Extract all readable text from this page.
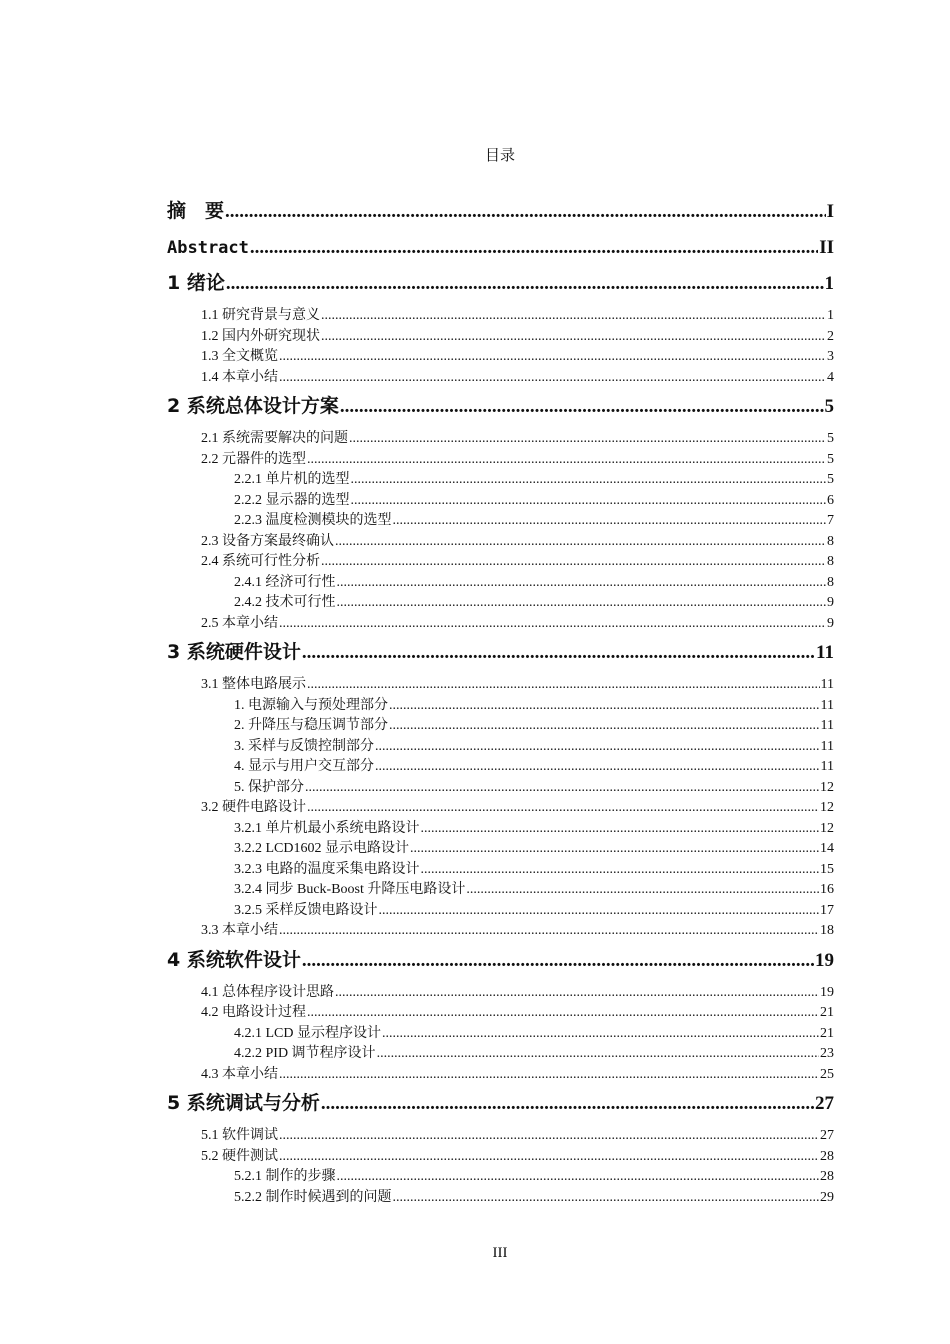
目录
摘　要 .....	I
Abstract .....	II
1 绪论 .....	1
1.1 研究背景与意义 .....	1
1.2 国内外研究现状 .....	2
1.3 全文概览 .....	3
1.4 本章小结 .....	4
2 系统总体设计方案 .....	5
2.1 系统需要解决的问题 .....	5
2.2 元器件的选型 .....	5
2.2.1 单片机的选型 .....	5
2.2.2 显示器的选型 .....	6
2.2.3 温度检测模块的选型 .....	7
2.3 设备方案最终确认 .....	8
2.4 系统可行性分析 .....	8
2.4.1 经济可行性 .....	8
2.4.2 技术可行性 .....	9
2.5 本章小结 .....	9
3 系统硬件设计 .....	11
3.1 整体电路展示 .....	11
1. 电源输入与预处理部分 .....	11
2. 升降压与稳压调节部分 .....	11
3. 采样与反馈控制部分 .....	11
4. 显示与用户交互部分 .....	11
5. 保护部分 .....	12
3.2 硬件电路设计 .....	12
3.2.1 单片机最小系统电路设计 .....	12
3.2.2 LCD1602 显示电路设计 .....	14
3.2.3 电路的温度采集电路设计 .....	15
3.2.4 同步 Buck-Boost 升降压电路设计 .....	16
3.2.5 采样反馈电路设计 .....	17
3.3 本章小结 .....	18
4 系统软件设计 .....	19
4.1 总体程序设计思路 .....	19
4.2 电路设计过程 .....	21
4.2.1 LCD 显示程序设计 .....	21
4.2.2 PID 调节程序设计 .....	23
4.3 本章小结 .....	25
5 系统调试与分析 .....	27
5.1 软件调试 .....	27
5.2 硬件测试 .....	28
5.2.1 制作的步骤 .....	28
5.2.2 制作时候遇到的问题 .....	29
III
